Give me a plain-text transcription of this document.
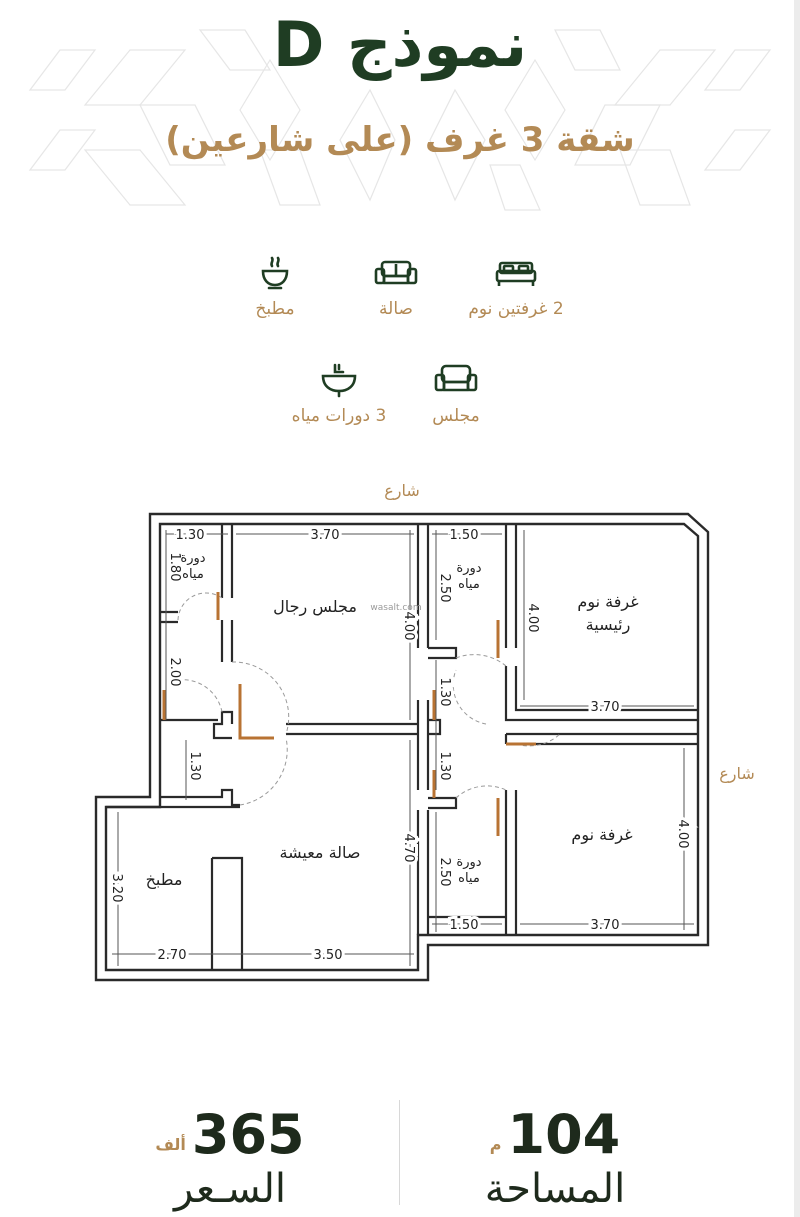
نموذج D
شقة 3 غرف (على شارعين)
مطبخ	صالة	2 غرفتين نوم
3 دورات مياه	مجلس
شارع
شارع
1.30	3.70	1.50
3.70
1.50	3.70
2.70	3.50
1.80
2.00
1.30
4.00
4.70
2.50
1.30
1.30
2.50
4.00
4.00
3.20
دورة
مياه
مجلس رجال
دورة
مياه
غرفة نوم
رئيسية
غرفة نوم
صالة معيشة
مطبخ
دورة
مياه
wasalt.com
ألف 365
السـعر
م 104
المساحة
